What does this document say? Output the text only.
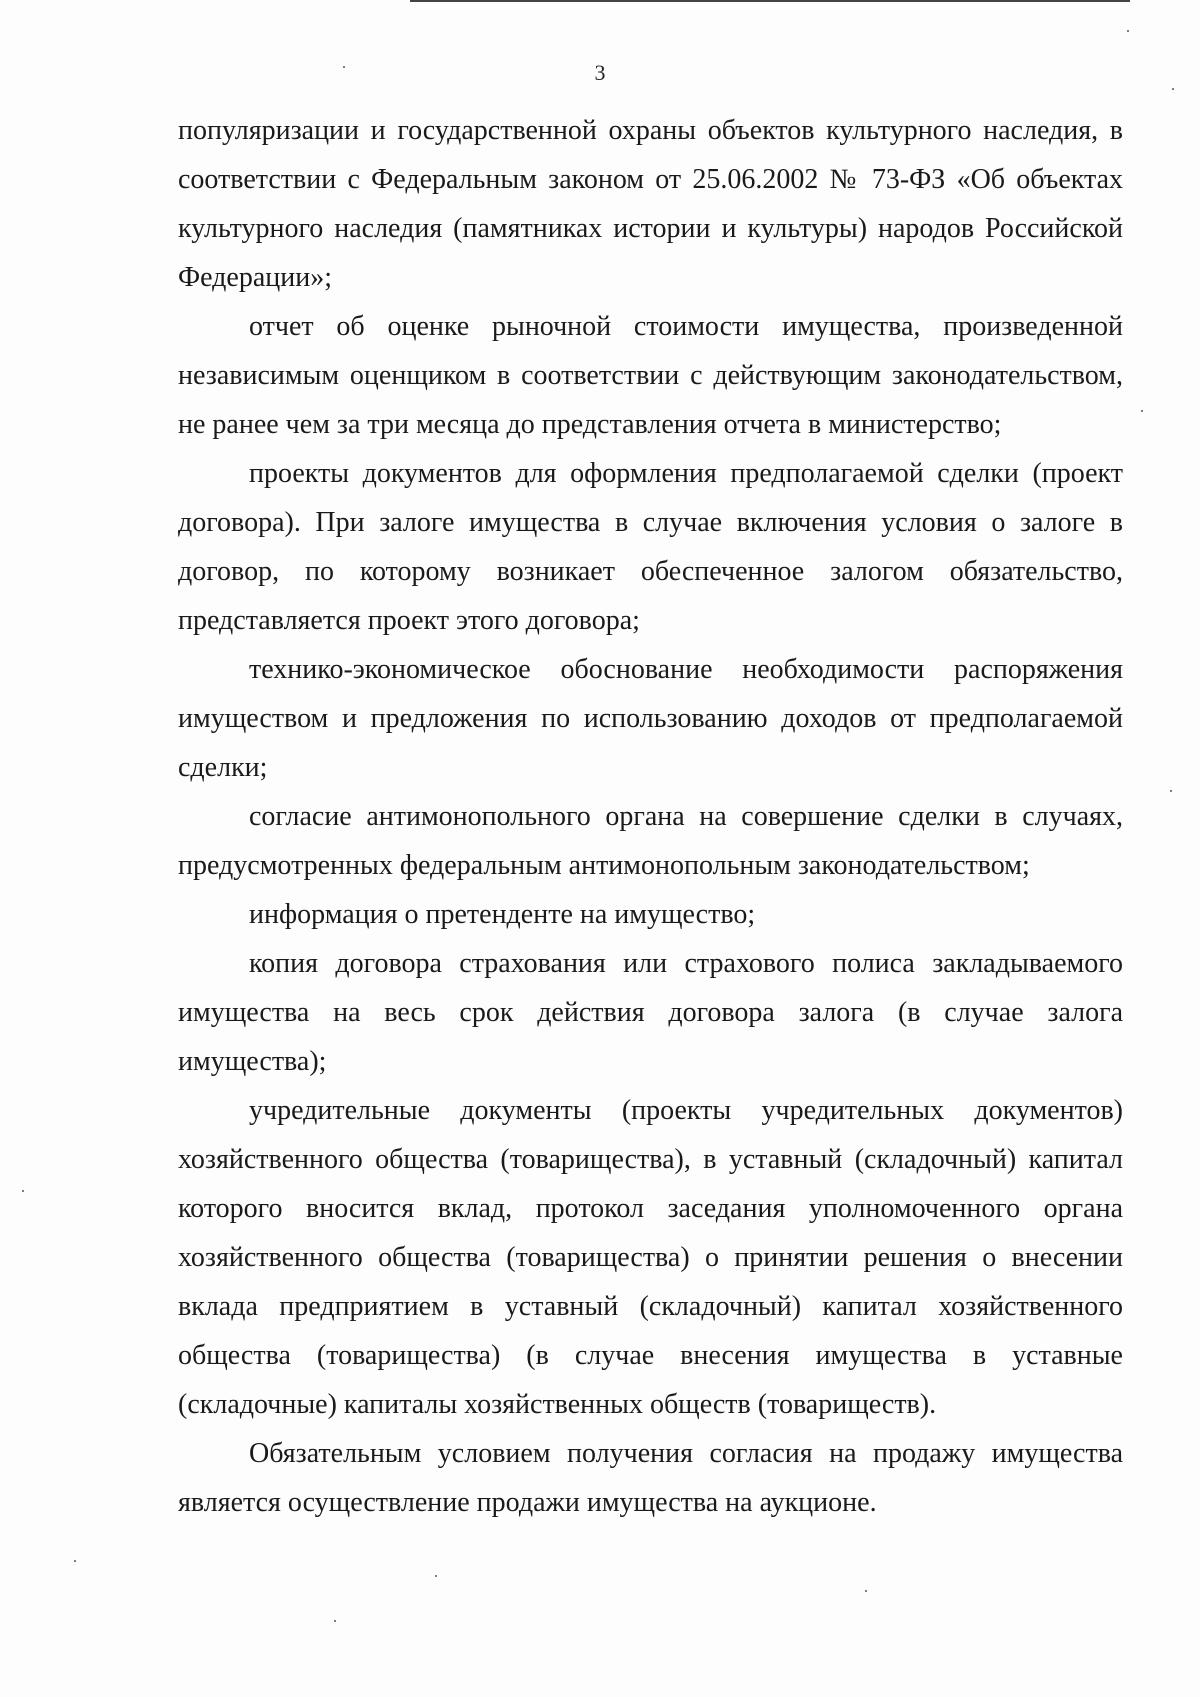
3

популяризации и государственной охраны объектов культурного наследия, в соответствии с Федеральным законом от 25.06.2002 № 73-ФЗ «Об объектах культурного наследия (памятниках истории и культуры) народов Российской Федерации»;

отчет об оценке рыночной стоимости имущества, произведенной независимым оценщиком в соответствии с действующим законодательством, не ранее чем за три месяца до представления отчета в министерство;

проекты документов для оформления предполагаемой сделки (проект договора). При залоге имущества в случае включения условия о залоге в договор, по которому возникает обеспеченное залогом обязательство, представляется проект этого договора;

технико-экономическое обоснование необходимости распоряжения имуществом и предложения по использованию доходов от предполагаемой сделки;

согласие антимонопольного органа на совершение сделки в случаях, предусмотренных федеральным антимонопольным законодательством;

информация о претенденте на имущество;

копия договора страхования или страхового полиса закладываемого имущества на весь срок действия договора залога (в случае залога имущества);

учредительные документы (проекты учредительных документов) хозяйственного общества (товарищества), в уставный (складочный) капитал которого вносится вклад, протокол заседания уполномоченного органа хозяйственного общества (товарищества) о принятии решения о внесении вклада предприятием в уставный (складочный) капитал хозяйственного общества (товарищества) (в случае внесения имущества в уставные (складочные) капиталы хозяйственных обществ (товариществ).

Обязательным условием получения согласия на продажу имущества является осуществление продажи имущества на аукционе.
